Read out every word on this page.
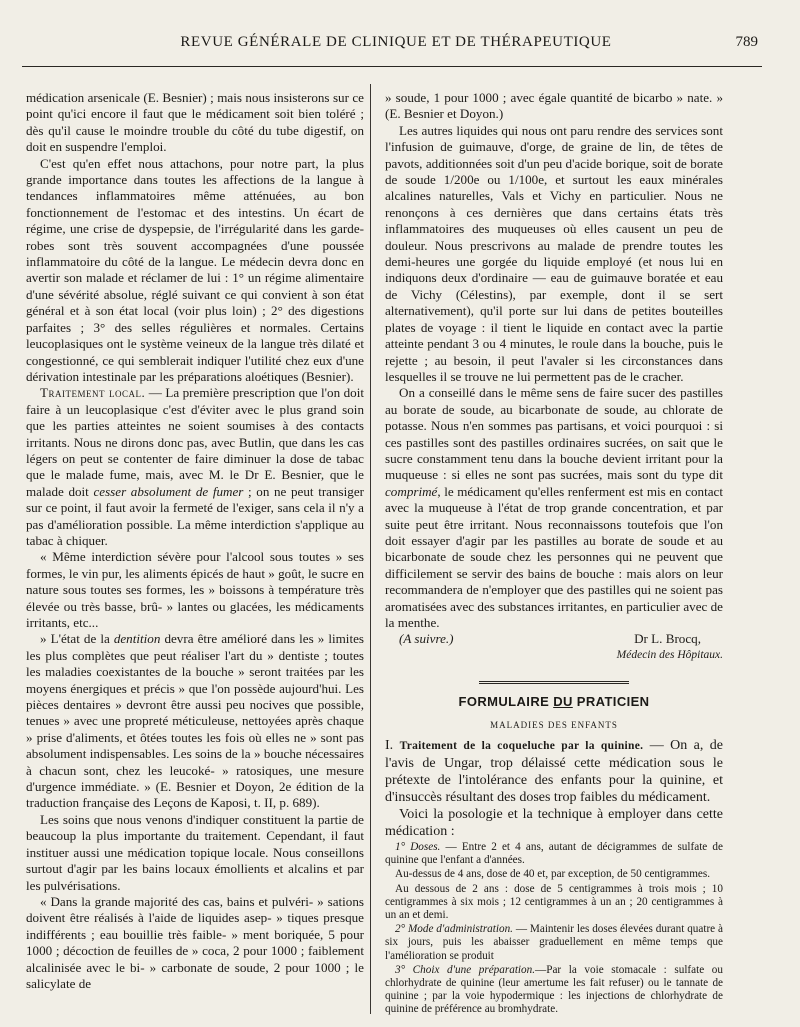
REVUE GÉNÉRALE DE CLINIQUE ET DE THÉRAPEUTIQUE	789

médication arsenicale (E. Besnier) ; mais nous insisterons sur ce point qu'ici encore il faut que le médicament soit bien toléré ; dès qu'il cause le moindre trouble du côté du tube digestif, on doit en suspendre l'emploi.

C'est qu'en effet nous attachons, pour notre part, la plus grande importance dans toutes les affections de la langue à tendances inflammatoires même atténuées, au bon fonctionnement de l'estomac et des intestins. Un écart de régime, une crise de dyspepsie, de l'irrégularité dans les garde-robes sont très souvent accompagnées d'une poussée inflammatoire du côté de la langue. Le médecin devra donc en avertir son malade et réclamer de lui : 1° un régime alimentaire d'une sévérité absolue, réglé suivant ce qui convient à son état général et à son état local (voir plus loin) ; 2° des digestions parfaites ; 3° des selles régulières et normales. Certains leucoplasiques ont le système veineux de la langue très dilaté et congestionné, ce qui semblerait indiquer l'utilité chez eux d'une dérivation intestinale par les préparations aloétiques (Besnier).

Traitement local. — La première prescription que l'on doit faire à un leucoplasique c'est d'éviter avec le plus grand soin que les parties atteintes ne soient soumises à des contacts irritants. Nous ne dirons donc pas, avec Butlin, que dans les cas légers on peut se contenter de faire diminuer la dose de tabac que le malade fume, mais, avec M. le Dr E. Besnier, que le malade doit cesser absolument de fumer ; on ne peut transiger sur ce point, il faut avoir la fermeté de l'exiger, sans cela il n'y a pas d'amélioration possible. La même interdiction s'applique au tabac à chiquer.

« Même interdiction sévère pour l'alcool sous toutes » ses formes, le vin pur, les aliments épicés de haut » goût, le sucre en nature sous toutes ses formes, les » boissons à température très élevée ou très basse, brû- » lantes ou glacées, les médicaments irritants, etc...

» L'état de la dentition devra être amélioré dans les » limites les plus complètes que peut réaliser l'art du » dentiste ; toutes les maladies coexistantes de la bouche » seront traitées par les moyens énergiques et précis » que l'on possède aujourd'hui. Les pièces dentaires » devront être aussi peu nocives que possible, tenues » avec une propreté méticuleuse, nettoyées après chaque » prise d'aliments, et ôtées toutes les fois où elles ne » sont pas absolument indispensables. Les soins de la » bouche nécessaires à chacun sont, chez les leucoké- » ratosiques, une mesure d'urgence immédiate. » (E. Besnier et Doyon, 2e édition de la traduction française des Leçons de Kaposi, t. II, p. 689).

Les soins que nous venons d'indiquer constituent la partie de beaucoup la plus importante du traitement. Cependant, il faut instituer aussi une médication topique locale. Nous conseillons surtout d'agir par les bains locaux émollients et alcalins et par les pulvérisations.

« Dans la grande majorité des cas, bains et pulvéri- » sations doivent être réalisés à l'aide de liquides asep- » tiques presque indifférents ; eau bouillie très faible- » ment boriquée, 5 pour 1000 ; décoction de feuilles de » coca, 2 pour 1000 ; faiblement alcalinisée avec le bi- » carbonate de soude, 2 pour 1000 ; le salicylate de

» soude, 1 pour 1000 ; avec égale quantité de bicarbo » nate. » (E. Besnier et Doyon.)

Les autres liquides qui nous ont paru rendre des services sont l'infusion de guimauve, d'orge, de graine de lin, de têtes de pavots, additionnées soit d'un peu d'acide borique, soit de borate de soude 1/200e ou 1/100e, et surtout les eaux minérales alcalines naturelles, Vals et Vichy en particulier. Nous ne renonçons à ces dernières que dans certains états très inflammatoires des muqueuses où elles causent un peu de douleur. Nous prescrivons au malade de prendre toutes les demi-heures une gorgée du liquide employé (et nous lui en indiquons deux d'ordinaire — eau de guimauve boratée et eau de Vichy (Célestins), par exemple, dont il se sert alternativement), qu'il porte sur lui dans de petites bouteilles plates de voyage : il tient le liquide en contact avec la partie atteinte pendant 3 ou 4 minutes, le roule dans la bouche, puis le rejette ; au besoin, il peut l'avaler si les circonstances dans lesquelles il se trouve ne lui permettent pas de le cracher.

On a conseillé dans le même sens de faire sucer des pastilles au borate de soude, au bicarbonate de soude, au chlorate de potasse. Nous n'en sommes pas partisans, et voici pourquoi : si ces pastilles sont des pastilles ordinaires sucrées, on sait que le sucre constamment tenu dans la bouche devient irritant pour la muqueuse : si elles ne sont pas sucrées, mais sont du type dit comprimé, le médicament qu'elles renferment est mis en contact avec la muqueuse à l'état de trop grande concentration, et par suite peut être irritant. Nous reconnaissons toutefois que l'on doit essayer d'agir par les pastilles au borate de soude et au bicarbonate de soude chez les personnes qui ne peuvent que difficilement se servir des bains de bouche : mais alors on leur recommandera de n'employer que des pastilles qui ne soient pas aromatisées avec des substances irritantes, en particulier avec de la menthe.

(A suivre.)	Dr L. Brocq,
Médecin des Hôpitaux.
FORMULAIRE DU PRATICIEN
MALADIES DES ENFANTS

I. Traitement de la coqueluche par la quinine. — On a, de l'avis de Ungar, trop délaissé cette médication sous le prétexte de l'intolérance des enfants pour la quinine, et d'insuccès résultant des doses trop faibles du médicament.

Voici la posologie et la technique à employer dans cette médication :

1° Doses. — Entre 2 et 4 ans, autant de décigrammes de sulfate de quinine que l'enfant a d'années.

Au-dessus de 4 ans, dose de 40 et, par exception, de 50 centigrammes.

Au dessous de 2 ans : dose de 5 centigrammes à trois mois ; 10 centigrammes à six mois ; 12 centigrammes à un an ; 20 centigrammes à un an et demi.

2° Mode d'administration. — Maintenir les doses élevées durant quatre à six jours, puis les abaisser graduellement en même temps que l'amélioration se produit

3° Choix d'une préparation.—Par la voie stomacale : sulfate ou chlorhydrate de quinine (leur amertume les fait refuser) ou le tannate de quinine ; par la voie hypodermique : les injections de chlorhydrate de quinine de préférence au bromhydrate.
